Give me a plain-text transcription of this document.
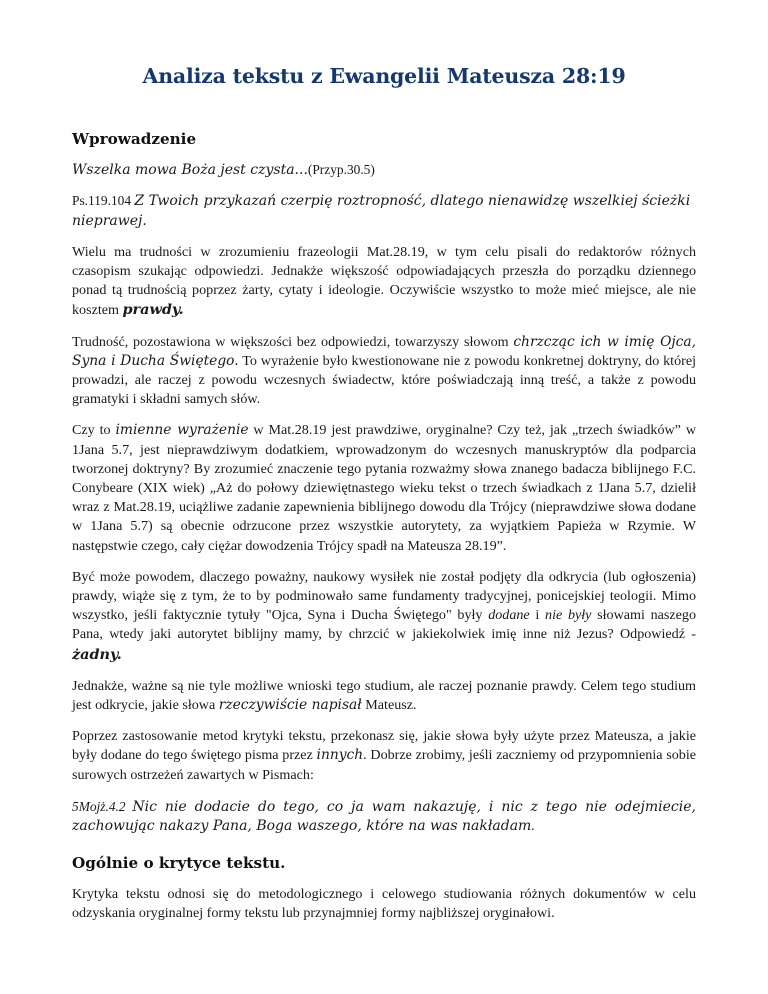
Analiza tekstu z Ewangelii Mateusza 28:19
Wprowadzenie

Wszelka mowa Boża jest czysta...(Przyp.30.5)

Ps.119.104 Z Twoich przykazań czerpię roztropność, dlatego nienawidzę wszelkiej ścieżki nieprawej.

Wielu ma trudności w zrozumieniu frazeologii Mat.28.19, w tym celu pisali do redaktorów różnych czasopism szukając odpowiedzi. Jednakże większość odpowiadających przeszła do porządku dziennego ponad tą trudnością poprzez żarty, cytaty i ideologie. Oczywiście wszystko to może mieć miejsce, ale nie kosztem prawdy.

Trudność, pozostawiona w większości bez odpowiedzi, towarzyszy słowom chrzcząc ich w imię Ojca, Syna i Ducha Świętego. To wyrażenie było kwestionowane nie z powodu konkretnej doktryny, do której prowadzi, ale raczej z powodu wczesnych świadectw, które poświadczają inną treść, a także z powodu gramatyki i składni samych słów.

Czy to imienne wyrażenie w Mat.28.19 jest prawdziwe, oryginalne? Czy też, jak „trzech świadków” w 1Jana 5.7, jest nieprawdziwym dodatkiem, wprowadzonym do wczesnych manuskryptów dla podparcia tworzonej doktryny? By zrozumieć znaczenie tego pytania rozważmy słowa znanego badacza biblijnego F.C. Conybeare (XIX wiek) „Aż do połowy dziewiętnastego wieku tekst o trzech świadkach z 1Jana 5.7, dzielił wraz z Mat.28.19, uciążliwe zadanie zapewnienia biblijnego dowodu dla Trójcy (nieprawdziwe słowa dodane w 1Jana 5.7) są obecnie odrzucone przez wszystkie autorytety, za wyjątkiem Papieża w Rzymie. W następstwie czego, cały ciężar dowodzenia Trójcy spadł na Mateusza 28.19”.

Być może powodem, dlaczego poważny, naukowy wysiłek nie został podjęty dla odkrycia (lub ogłoszenia) prawdy, wiąże się z tym, że to by podminowało same fundamenty tradycyjnej, ponicejskiej teologii. Mimo wszystko, jeśli faktycznie tytuły "Ojca, Syna i Ducha Świętego" były dodane i nie były słowami naszego Pana, wtedy jaki autorytet biblijny mamy, by chrzcić w jakiekolwiek imię inne niż Jezus? Odpowiedź - żadny.

Jednakże, ważne są nie tyle możliwe wnioski tego studium, ale raczej poznanie prawdy. Celem tego studium jest odkrycie, jakie słowa rzeczywiście napisał Mateusz.

Poprzez zastosowanie metod krytyki tekstu, przekonasz się, jakie słowa były użyte przez Mateusza, a jakie były dodane do tego świętego pisma przez innych. Dobrze zrobimy, jeśli zaczniemy od przypomnienia sobie surowych ostrzeżeń zawartych w Pismach:

5Mojż.4.2 Nic nie dodacie do tego, co ja wam nakazuję, i nic z tego nie odejmiecie, zachowując nakazy Pana, Boga waszego, które na was nakładam.

Ogólnie o krytyce tekstu.

Krytyka tekstu odnosi się do metodologicznego i celowego studiowania różnych dokumentów w celu odzyskania oryginalnej formy tekstu lub przynajmniej formy najbliższej oryginałowi.
